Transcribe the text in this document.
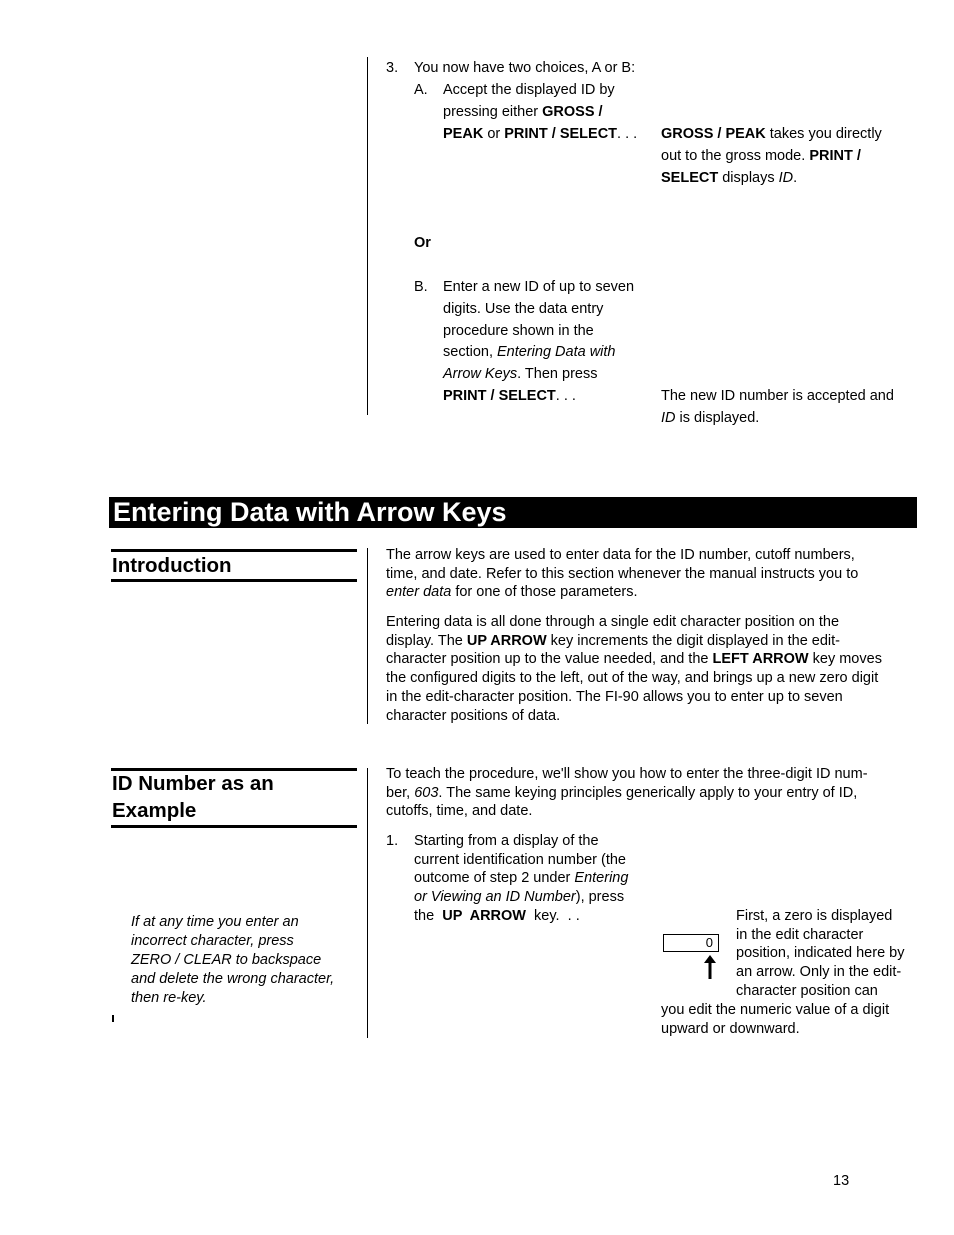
3. You now have two choices, A or B:
A. Accept the displayed ID by
pressing either GROSS /
PEAK or PRINT / SELECT. . .	GROSS / PEAK takes you directly
out to the gross mode. PRINT /
SELECT displays ID.
Or
B. Enter a new ID of up to seven
digits. Use the data entry
procedure shown in the
section, Entering Data with
Arrow Keys. Then press
PRINT / SELECT. . .	The new ID number is accepted and
ID is displayed.
Entering Data with Arrow Keys
Introduction	The arrow keys are used to enter data for the ID number, cutoff numbers,
time, and date. Refer to this section whenever the manual instructs you to
enter data for one of those parameters.
Entering data is all done through a single edit character position on the
display. The UP ARROW key increments the digit displayed in the edit-
character position up to the value needed, and the LEFT ARROW key moves
the configured digits to the left, out of the way, and brings up a new zero digit
in the edit-character position. The FI-90 allows you to enter up to seven
character positions of data.
ID Number as an
Example
To teach the procedure, we'll show you how to enter the three-digit ID num-
ber, 603. The same keying principles generically apply to your entry of ID,
cutoffs, time, and date.
1. Starting from a display of the
current identification number (the
outcome of step 2 under Entering
or Viewing an ID Number), press
the  UP  ARROW  key.  . .
0
First, a zero is displayed
in the edit character
position, indicated here by
an arrow. Only in the edit-
character position can
you edit the numeric value of a digit
upward or downward.
If at any time you enter an
incorrect character, press
ZERO / CLEAR to backspace
and delete the wrong character,
then re-key.
13
